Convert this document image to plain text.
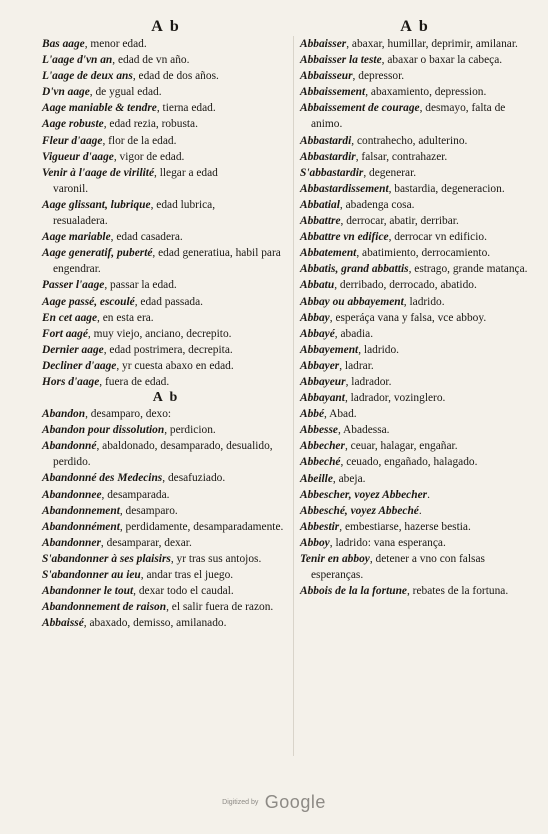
A b
Bas aage, menor edad.
L'aage d'vn an, edad de vn año.
L'aage de deux ans, edad de dos años.
D'vn aage, de ygual edad.
Aage maniable & tendre, tierna edad.
Aage robuste, edad rezia, robusta.
Fleur d'aage, flor de la edad.
Vigueur d'aage, vigor de edad.
Venir à l'aage de virilité, llegar a edad
varonil.
Aage glissant, lubrique, edad lubrica,
resualadera.
Aage mariable, edad casadera.
Aage generatif, puberté, edad generatiua, habil para engendrar.
Passer l'aage, passar la edad.
Aage passé, escoulé, edad passada.
En cet aage, en esta era.
Fort aagé, muy viejo, anciano, decrepito.
Dernier aage, edad postrimera, decrepita.
Decliner d'aage, yr cuesta abaxo en edad.
Hors d'aage, fuera de edad.
A b
Abandon, desamparo, dexo:
Abandon pour dissolution, perdicion.
Abandonné, abaldonado, desamparado, desualido, perdido.
Abandonné des Medecins, desafuziado.
Abandonnee, desamparada.
Abandonnement, desamparo.
Abandonnément, perdidamente, desamparadamente.
Abandonner, desamparar, dexar.
S'abandonner à ses plaisirs, yr tras sus antojos.
S'abandonner au ieu, andar tras el juego.
Abandonner le tout, dexar todo el caudal.
Abandonnement de raison, el salir fuera de razon.
Abbaissé, abaxado, demisso, amilanado.
A b
Abbaisser, abaxar, humillar, deprimir, amilanar.
Abbaisser la teste, abaxar o baxar la cabeça.
Abbaisseur, depressor.
Abbaissement, abaxamiento, depression.
Abbaissement de courage, desmayo, falta de animo.
Abbastardi, contrahecho, adulterino.
Abbastardir, falsar, contrahazer.
S'abbastardir, degenerar.
Abbastardissement, bastardia, degeneracion.
Abbatial, abadenga cosa.
Abbattre, derrocar, abatir, derribar.
Abbattre vn edifice, derrocar vn edificio.
Abbatement, abatimiento, derrocamiento.
Abbatis, grand abbattis, estrago, grande matança.
Abbatu, derribado, derrocado, abatido.
Abbay ou abbayement, ladrido.
Abbay, esperáça vana y falsa, vce abboy.
Abbayé, abadia.
Abbayement, ladrido.
Abbayer, ladrar.
Abbayeur, ladrador.
Abbayant, ladrador, vozinglero.
Abbé, Abad.
Abbesse, Abadessa.
Abbecher, ceuar, halagar, engañar.
Abbeché, ceuado, engañado, halagado.
Abeille, abeja.
Abbescher, voyez Abbecher.
Abbesché, voyez Abbeché.
Abbestir, embestiarse, hazerse bestia.
Abboy, ladrido: vana esperança.
Tenir en abboy, detener a vno con falsas esperanças.
Abbois de la la fortune, rebates de la fortuna.
Digitized by Google
